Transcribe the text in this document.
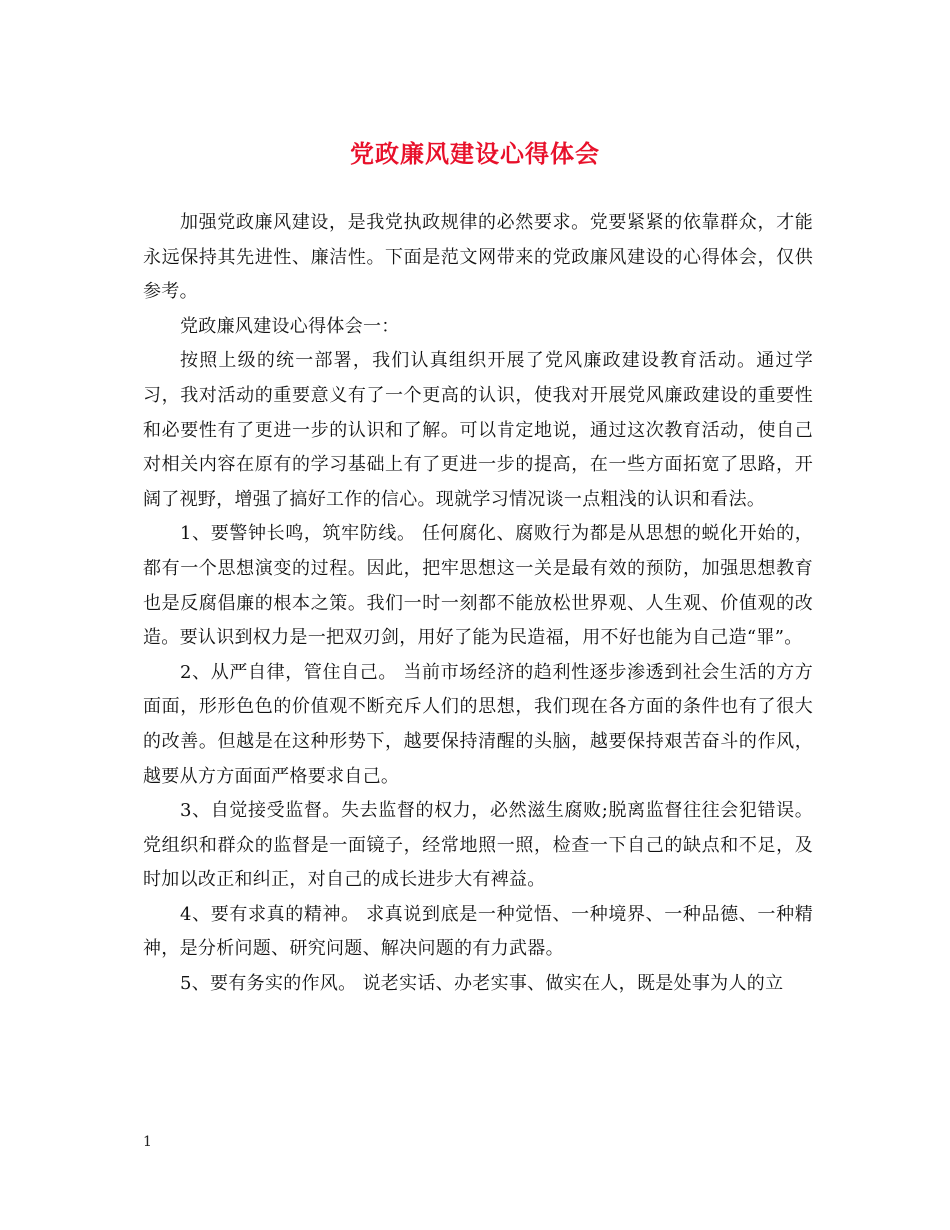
党政廉风建设心得体会

加强党政廉风建设，是我党执政规律的必然要求。党要紧紧的依靠群众，才能永远保持其先进性、廉洁性。下面是范文网带来的党政廉风建设的心得体会，仅供参考。

党政廉风建设心得体会一：

按照上级的统一部署，我们认真组织开展了党风廉政建设教育活动。通过学习，我对活动的重要意义有了一个更高的认识，使我对开展党风廉政建设的重要性和必要性有了更进一步的认识和了解。可以肯定地说，通过这次教育活动，使自己对相关内容在原有的学习基础上有了更进一步的提高，在一些方面拓宽了思路，开阔了视野，增强了搞好工作的信心。现就学习情况谈一点粗浅的认识和看法。

1、要警钟长鸣，筑牢防线。 任何腐化、腐败行为都是从思想的蜕化开始的，都有一个思想演变的过程。因此，把牢思想这一关是最有效的预防，加强思想教育也是反腐倡廉的根本之策。我们一时一刻都不能放松世界观、人生观、价值观的改造。要认识到权力是一把双刃剑，用好了能为民造福，用不好也能为自己造“罪”。

2、从严自律，管住自己。 当前市场经济的趋利性逐步渗透到社会生活的方方面面，形形色色的价值观不断充斥人们的思想，我们现在各方面的条件也有了很大的改善。但越是在这种形势下，越要保持清醒的头脑，越要保持艰苦奋斗的作风，越要从方方面面严格要求自己。

3、自觉接受监督。失去监督的权力，必然滋生腐败;脱离监督往往会犯错误。党组织和群众的监督是一面镜子，经常地照一照，检查一下自己的缺点和不足，及时加以改正和纠正，对自己的成长进步大有裨益。

4、要有求真的精神。 求真说到底是一种觉悟、一种境界、一种品德、一种精神，是分析问题、研究问题、解决问题的有力武器。

5、要有务实的作风。 说老实话、办老实事、做实在人，既是处事为人的立

1
